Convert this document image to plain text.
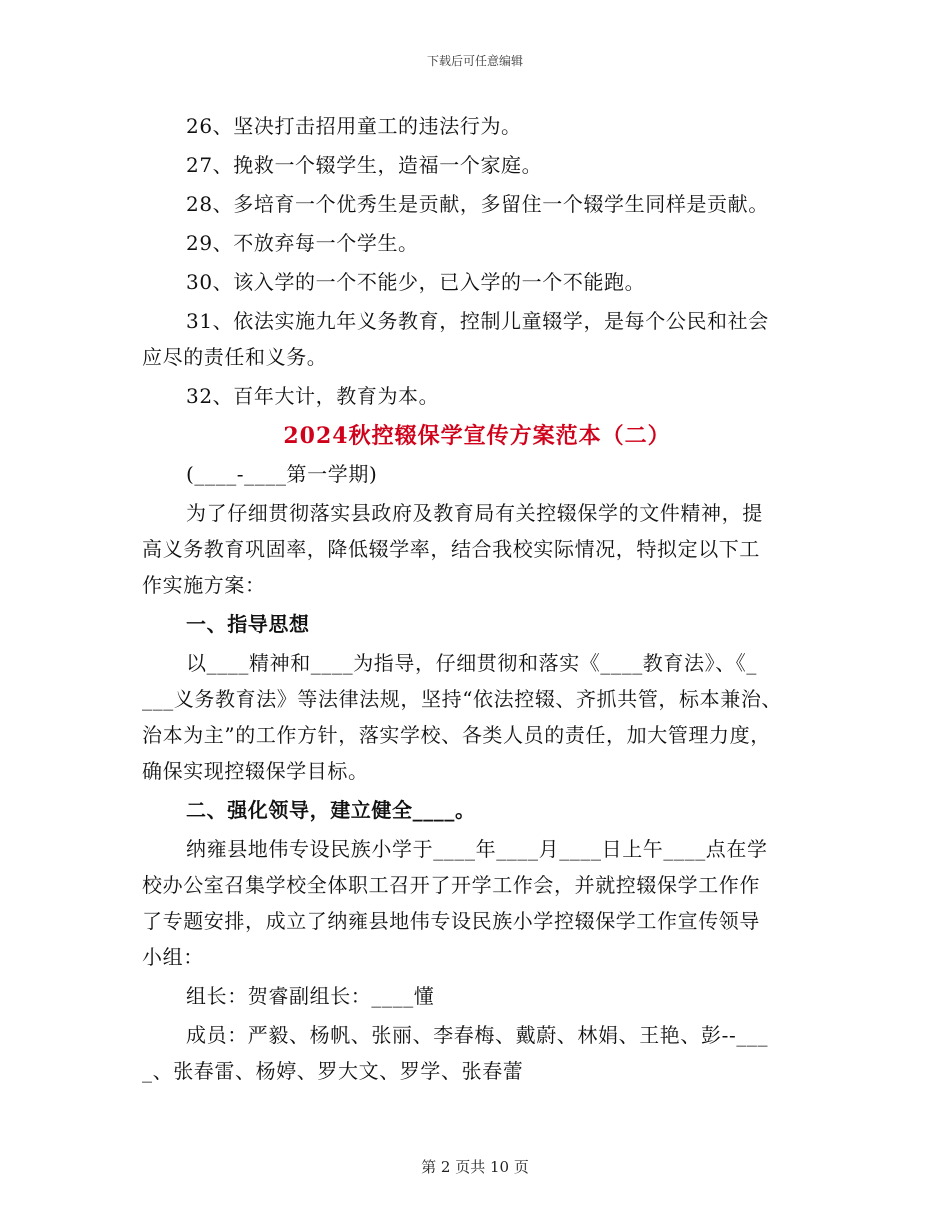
下载后可任意编辑
26、坚决打击招用童工的违法行为。
27、挽救一个辍学生，造福一个家庭。
28、多培育一个优秀生是贡献，多留住一个辍学生同样是贡献。
29、不放弃每一个学生。
30、该入学的一个不能少，已入学的一个不能跑。
31、依法实施九年义务教育，控制儿童辍学，是每个公民和社会
应尽的责任和义务。
32、百年大计，教育为本。
2024秋控辍保学宣传方案范本（二）
(____-____第一学期)
为了仔细贯彻落实县政府及教育局有关控辍保学的文件精神，提
高义务教育巩固率，降低辍学率，结合我校实际情况，特拟定以下工
作实施方案：
一、指导思想
以____精神和____为指导，仔细贯彻和落实《____教育法》、《_
___义务教育法》等法律法规，坚持“依法控辍、齐抓共管，标本兼治、
治本为主”的工作方针，落实学校、各类人员的责任，加大管理力度，
确保实现控辍保学目标。
二、强化领导，建立健全____。
纳雍县地伟专设民族小学于____年____月____日上午____点在学
校办公室召集学校全体职工召开了开学工作会，并就控辍保学工作作
了专题安排，成立了纳雍县地伟专设民族小学控辍保学工作宣传领导
小组：
组长：贺睿副组长：____懂
成员：严毅、杨帆、张丽、李春梅、戴蔚、林娟、王艳、彭--___
_、张春雷、杨婷、罗大文、罗学、张春蕾
第 2 页共 10 页
